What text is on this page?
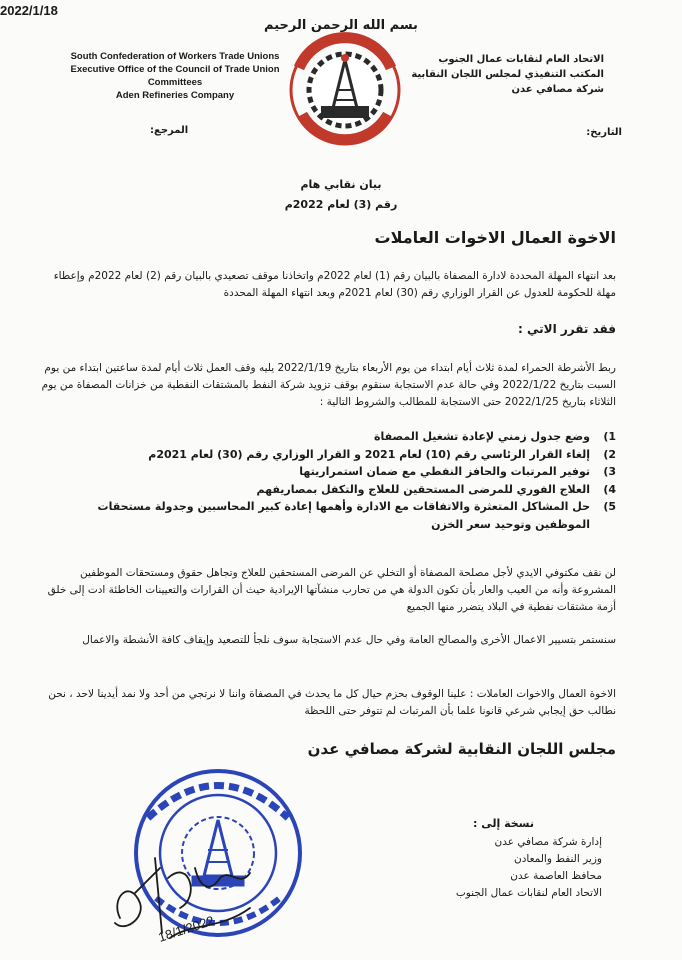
بسم الله الرحمن الرحيم
South Confederation of Workers Trade Unions
Executive Office of the Council of Trade Union
Committees
Aden Refineries Company
الاتحاد العام لنقابات عمال الجنوب
المكتب التنفيذي لمجلس اللجان النقابية
شركة مصافي عدن
المرجع:
2022/1/18
التاريخ:
بيان نقابي هام
رقم (3) لعام 2022م
الاخوة العمال الاخوات العاملات
بعد انتهاء المهلة المحددة لادارة المصفاة بالبيان رقم (1) لعام 2022م واتخاذنا موقف تصعيدي بالبيان رقم (2) لعام 2022م وإعطاء مهلة للحكومة للعدول عن القرار الوزاري رقم (30) لعام 2021م وبعد انتهاء المهلة المحددة
فقد تقرر الاتي :
ربط الأشرطة الحمراء لمدة ثلاث أيام ابتداء من يوم الأربعاء بتاريخ 2022/1/19 يليه وقف العمل ثلاث أيام لمدة ساعتين ابتداء من يوم السبت بتاريخ 2022/1/22 وفي حالة عدم الاستجابة سنقوم بوقف تزويد شركة النفط بالمشتقات النفطية من خزانات المصفاة من يوم الثلاثاء بتاريخ 2022/1/25 حتى الاستجابة للمطالب والشروط التالية :
1)
وضع جدول زمني لإعادة تشغيل المصفاة
2)
إلغاء القرار الرئاسي رقم (10) لعام 2021 و القرار الوزاري رقم (30) لعام 2021م
3)
توفير المرتبات والحافز النفطي مع ضمان استمراريتها
4)
العلاج الفوري للمرضى المستحقين للعلاج والتكفل بمصاريفهم
5)
حل المشاكل المتعثرة والاتفاقات مع الادارة وأهمها إعادة كبير المحاسبين وجدولة مستحقات الموظفين وتوحيد سعر الخزن
لن نقف مكتوفي الايدي لأجل مصلحة المصفاة أو التخلي عن المرضى المستحقين للعلاج وتجاهل حقوق ومستحقات الموظفين المشروعة وأنه من العيب والعار بأن تكون الدولة هي من تحارب منشآتها الإيرادية حيث أن القرارات والتعيينات الخاطئة ادت إلى خلق أزمة مشتقات نفطية في البلاد يتضرر منها الجميع
سنستمر بتسيير الاعمال الأخرى والمصالح العامة وفي حال عدم الاستجابة سوف نلجأ للتصعيد وإيقاف كافة الأنشطة والاعمال
الاخوة العمال والاخوات العاملات : علينا الوقوف بحزم حيال كل ما يحدث في المصفاة واننا لا نرتجي من أحد ولا نمد أيدينا لاحد ، نحن نطالب حق إيجابي شرعي قانونا علما بأن المرتبات لم تتوفر حتى اللحظة
مجلس اللجان النقابية لشركة مصافي عدن
18/1/2022
نسخة إلى :
إدارة شركة مصافي عدن
وزير النفط والمعادن
محافظ العاصمة عدن
الاتحاد العام لنقابات عمال الجنوب
